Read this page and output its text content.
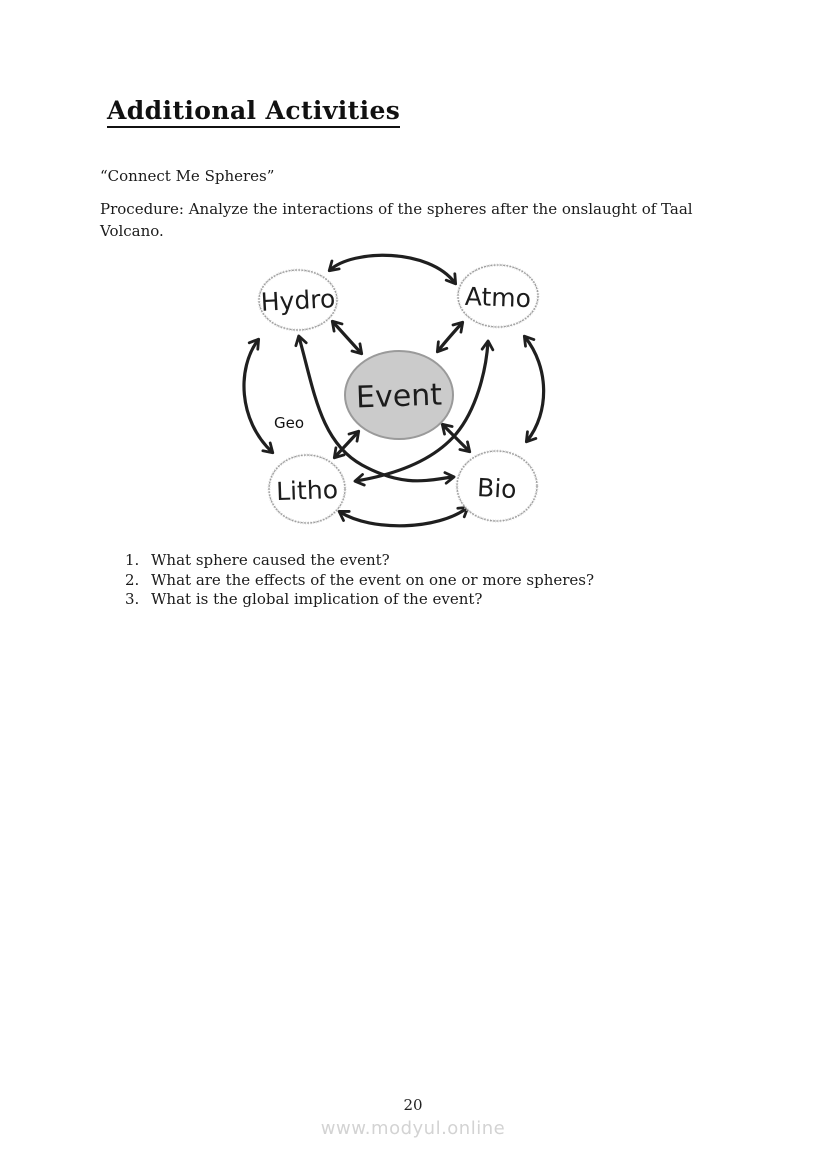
Additional Activities
“Connect Me Spheres”
Procedure: Analyze the interactions of the spheres after the onslaught of Taal
Volcano.
Hydro	Atmo
Event
Litho	Bio
Geo
1. What sphere caused the event?
2. What are the effects of the event on one or more spheres?
3. What is the global implication of the event?
20
www.modyul.online
